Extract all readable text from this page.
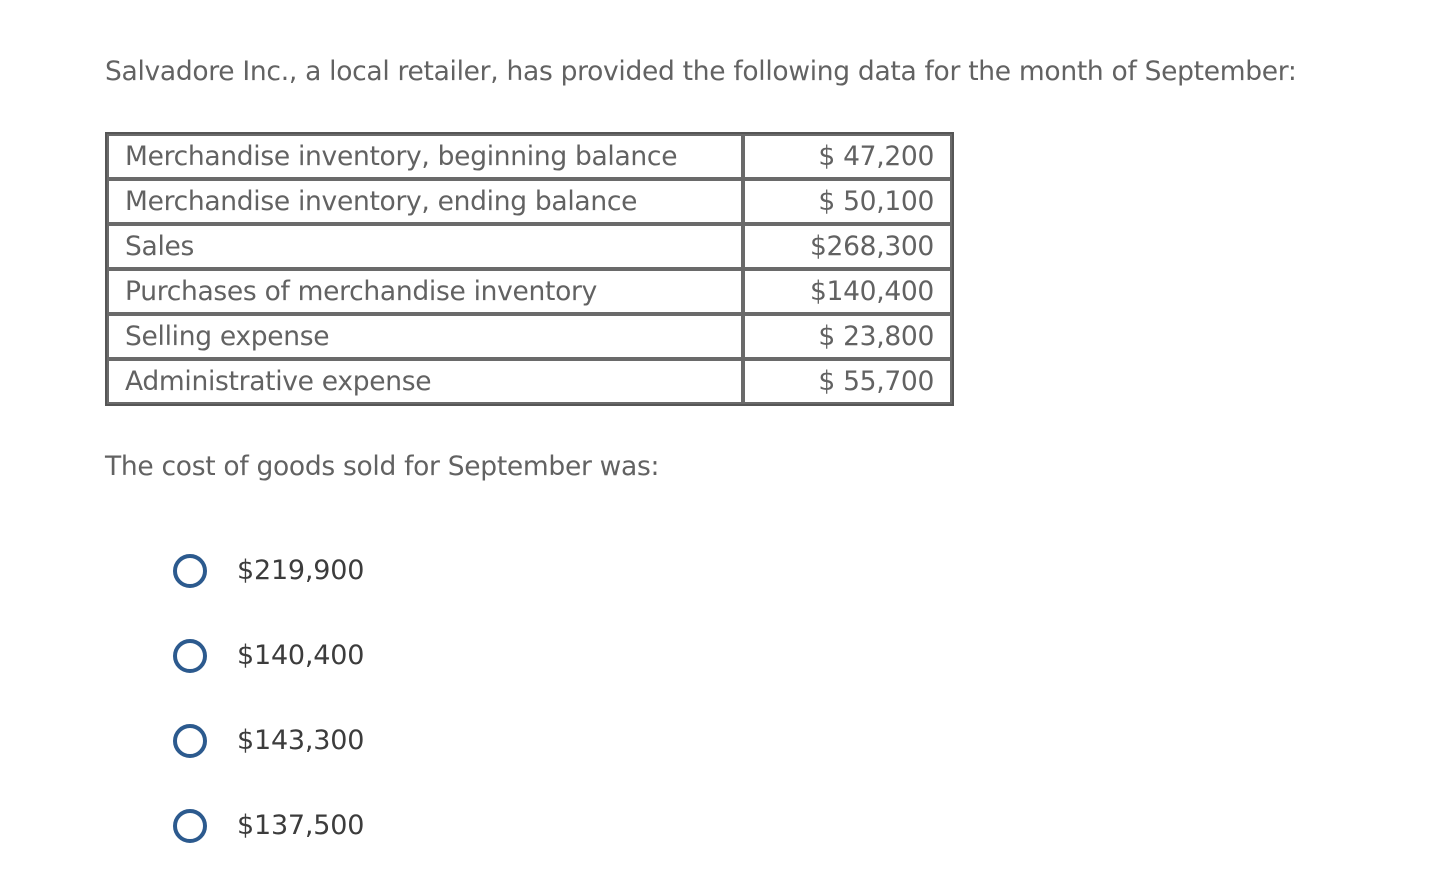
Salvadore Inc., a local retailer, has provided the following data for the month of September:
Merchandise inventory, beginning balance	$ 47,200
Merchandise inventory, ending balance	$ 50,100
Sales	$268,300
Purchases of merchandise inventory	$140,400
Selling expense	$ 23,800
Administrative expense	$ 55,700
The cost of goods sold for September was:
$219,900
$140,400
$143,300
$137,500
